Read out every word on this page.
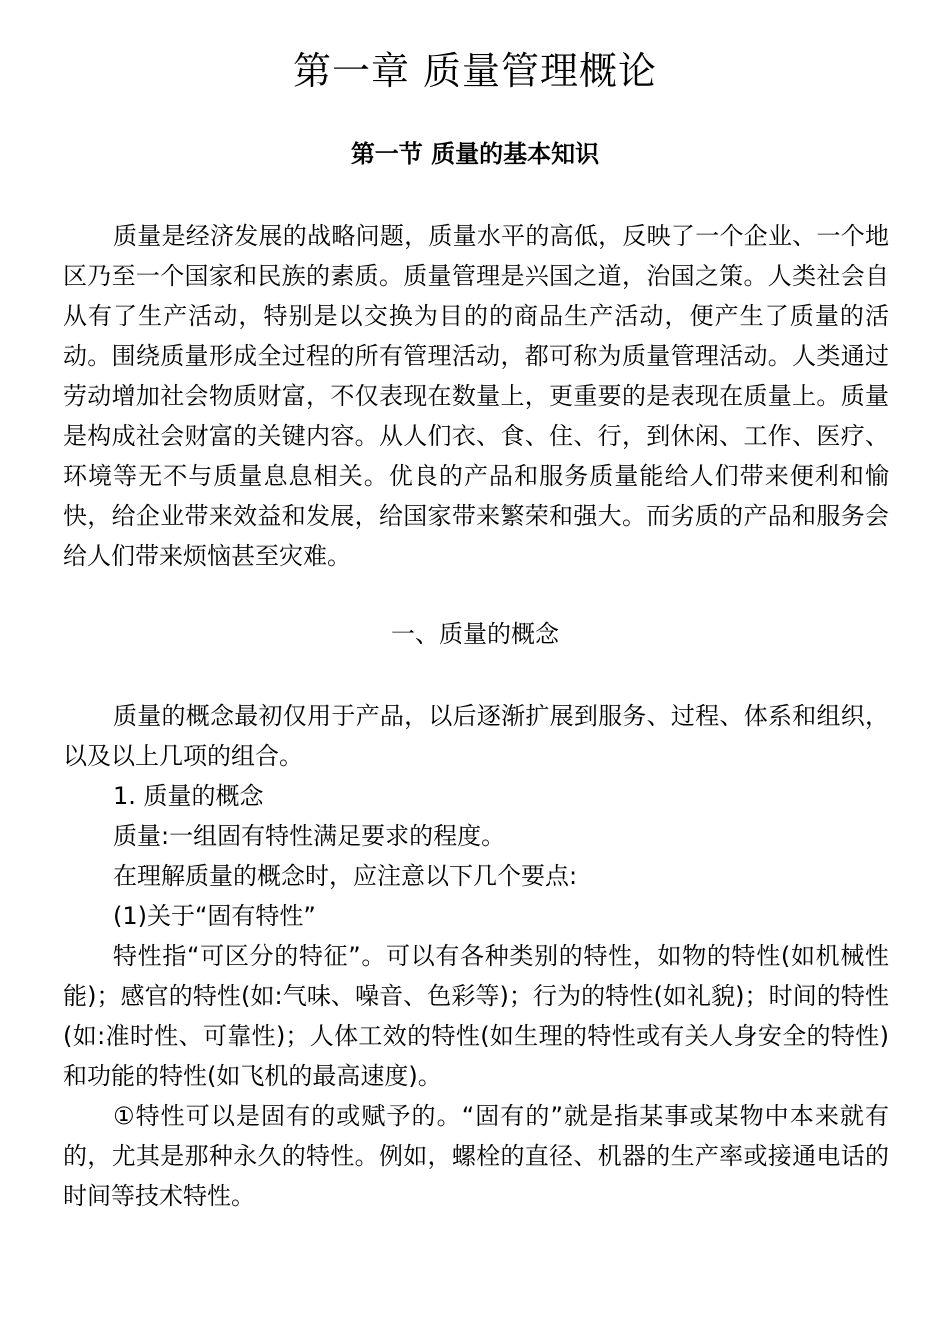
第一章 质量管理概论
第一节 质量的基本知识

质量是经济发展的战略问题，质量水平的高低，反映了一个企业、一个地区乃至一个国家和民族的素质。质量管理是兴国之道，治国之策。人类社会自从有了生产活动，特别是以交换为目的的商品生产活动，便产生了质量的活动。围绕质量形成全过程的所有管理活动，都可称为质量管理活动。人类通过劳动增加社会物质财富，不仅表现在数量上，更重要的是表现在质量上。质量是构成社会财富的关键内容。从人们衣、食、住、行，到休闲、工作、医疗、环境等无不与质量息息相关。优良的产品和服务质量能给人们带来便利和愉快，给企业带来效益和发展，给国家带来繁荣和强大。而劣质的产品和服务会给人们带来烦恼甚至灾难。

一、质量的概念

质量的概念最初仅用于产品，以后逐渐扩展到服务、过程、体系和组织，以及以上几项的组合。

1. 质量的概念

质量:一组固有特性满足要求的程度。

在理解质量的概念时，应注意以下几个要点:

(1)关于“固有特性”

特性指“可区分的特征”。可以有各种类别的特性，如物的特性(如机械性能)；感官的特性(如:气味、噪音、色彩等)；行为的特性(如礼貌)；时间的特性(如:准时性、可靠性)；人体工效的特性(如生理的特性或有关人身安全的特性)和功能的特性(如飞机的最高速度)。

①特性可以是固有的或赋予的。“固有的”就是指某事或某物中本来就有的，尤其是那种永久的特性。例如，螺栓的直径、机器的生产率或接通电话的时间等技术特性。
